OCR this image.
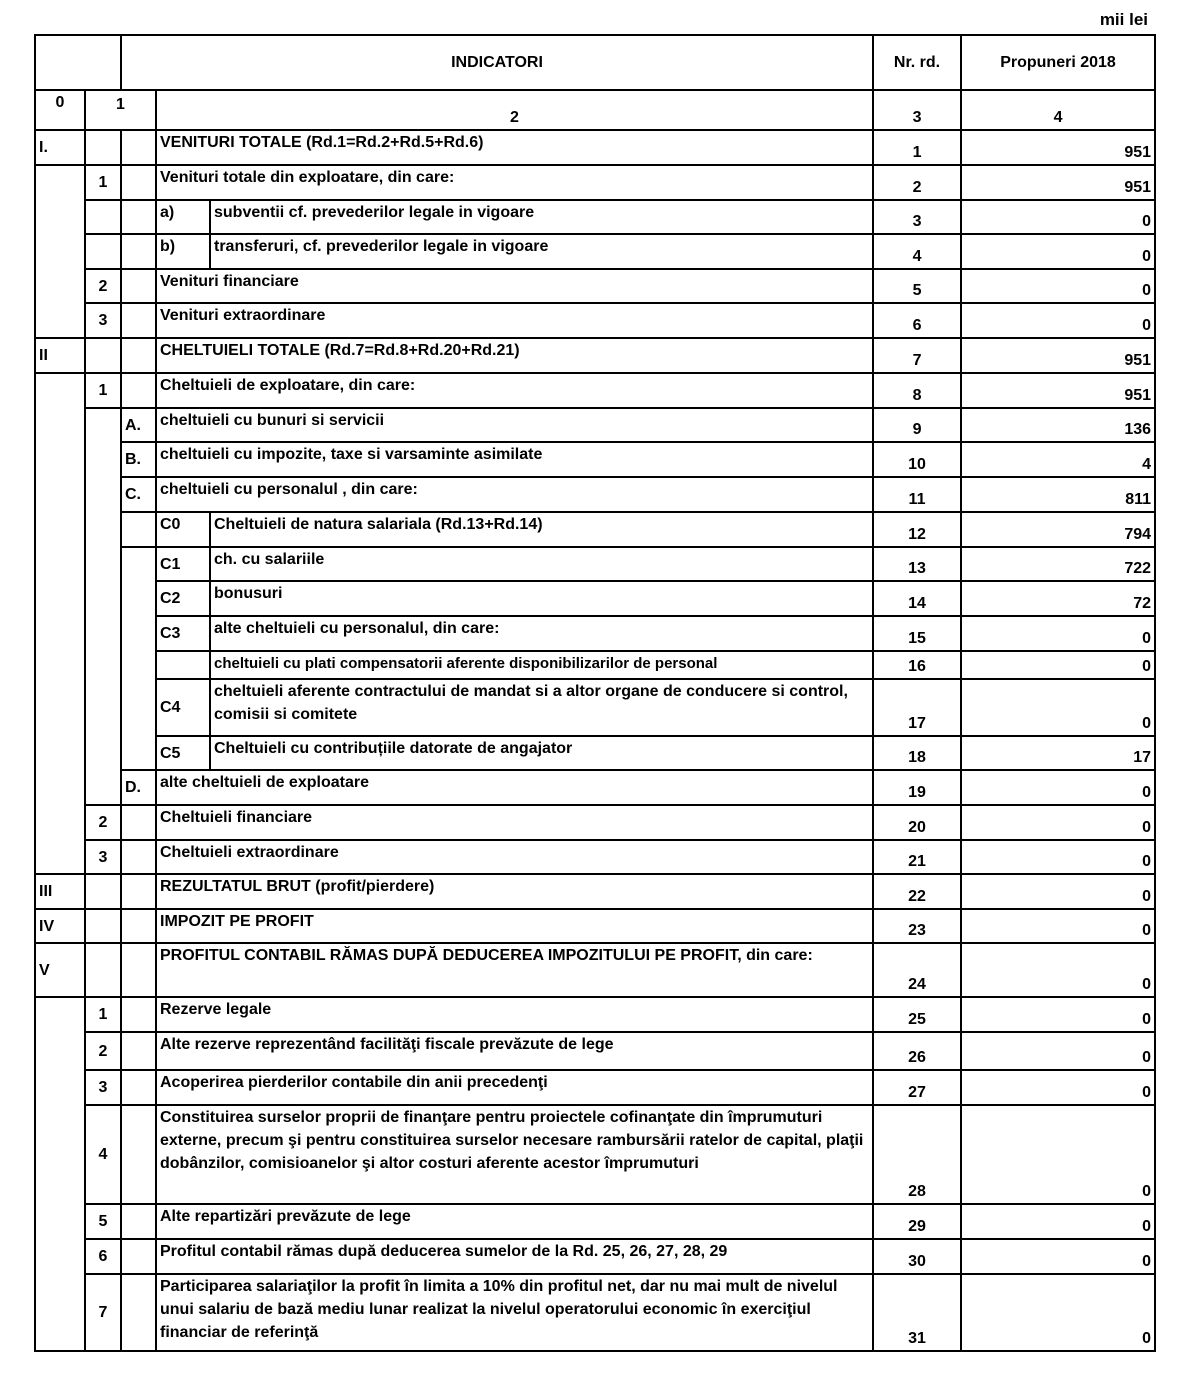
mii lei
		INDICATORI			Nr. rd.	Propuneri 2018
0	1		2		3	4
I.			VENITURI TOTALE (Rd.1=Rd.2+Rd.5+Rd.6)		1	951
	1		Venituri totale din exploatare, din care:		2	951
			a)	subventii cf. prevederilor legale in vigoare	3	0
			b)	transferuri, cf. prevederilor legale in vigoare	4	0
	2		Venituri financiare		5	0
	3		Venituri extraordinare		6	0
II			CHELTUIELI TOTALE (Rd.7=Rd.8+Rd.20+Rd.21)		7	951
	1		Cheltuieli de exploatare, din care:		8	951
		A.	cheltuieli cu bunuri si servicii		9	136
		B.	cheltuieli cu impozite, taxe si varsaminte asimilate		10	4
		C.	cheltuieli cu personalul , din care:		11	811
			C0	Cheltuieli de natura salariala (Rd.13+Rd.14)	12	794
			C1	ch. cu salariile	13	722
			C2	bonusuri	14	72
			C3	alte cheltuieli cu personalul, din care:	15	0
				cheltuieli cu plati compensatorii aferente disponibilizarilor de personal	16	0
			C4	cheltuieli aferente contractului de mandat si a altor organe de conducere si control, comisii si comitete	17	0
			C5	Cheltuieli cu contribuțiile datorate de angajator	18	17
		D.	alte cheltuieli de exploatare		19	0
	2		Cheltuieli financiare		20	0
	3		Cheltuieli extraordinare		21	0
III			REZULTATUL BRUT (profit/pierdere)		22	0
IV			IMPOZIT PE PROFIT		23	0
V			PROFITUL CONTABIL RĂMAS DUPĂ DEDUCEREA IMPOZITULUI PE PROFIT, din care:		24	0
	1		Rezerve legale		25	0
	2		Alte rezerve reprezentând facilităţi fiscale prevăzute de lege		26	0
	3		Acoperirea pierderilor contabile din anii precedenţi		27	0
	4		Constituirea surselor proprii de finanţare pentru proiectele cofinanţate din împrumuturi externe, precum şi pentru constituirea surselor necesare rambursării ratelor de capital, plaţii dobânzilor, comisioanelor şi altor costuri aferente acestor împrumuturi		28	0
	5		Alte repartizări prevăzute de lege		29	0
	6		Profitul contabil rămas după deducerea sumelor de la Rd. 25, 26, 27, 28, 29		30	0
	7		Participarea salariaţilor la profit în limita a 10% din profitul net, dar nu mai mult de nivelul unui salariu de bază mediu lunar realizat la nivelul operatorului economic în exerciţiul financiar de referinţă		31	0
